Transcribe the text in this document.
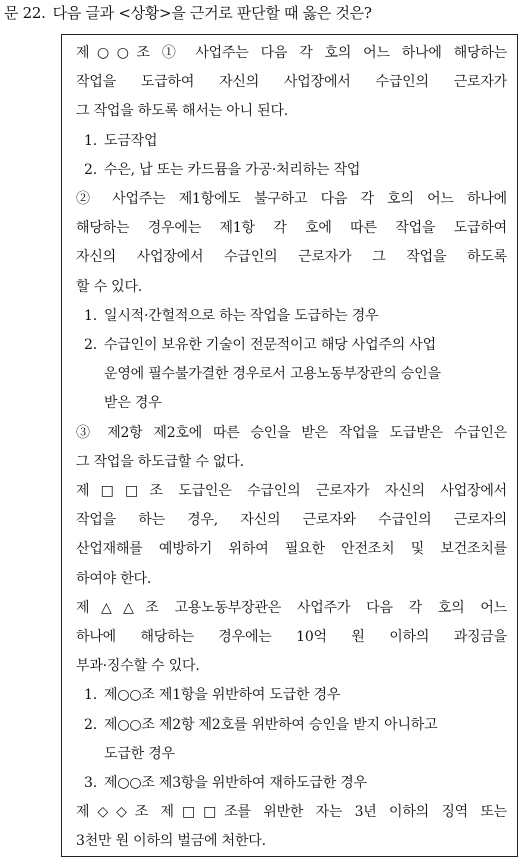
문 22. 다음 글과 <상황>을 근거로 판단할 때 옳은 것은?
제○○조 ① 사업주는 다음 각 호의 어느 하나에 해당하는
작업을 도급하여 자신의 사업장에서 수급인의 근로자가
그 작업을 하도록 해서는 아니 된다.
1. 도금작업
2. 수은, 납 또는 카드뮴을 가공·처리하는 작업
② 사업주는 제1항에도 불구하고 다음 각 호의 어느 하나에
해당하는 경우에는 제1항 각 호에 따른 작업을 도급하여
자신의 사업장에서 수급인의 근로자가 그 작업을 하도록
할 수 있다.
1. 일시적·간헐적으로 하는 작업을 도급하는 경우
2. 수급인이 보유한 기술이 전문적이고 해당 사업주의 사업
운영에 필수불가결한 경우로서 고용노동부장관의 승인을
받은 경우
③ 제2항 제2호에 따른 승인을 받은 작업을 도급받은 수급인은
그 작업을 하도급할 수 없다.
제□□조 도급인은 수급인의 근로자가 자신의 사업장에서
작업을 하는 경우, 자신의 근로자와 수급인의 근로자의
산업재해를 예방하기 위하여 필요한 안전조치 및 보건조치를
하여야 한다.
제△△조 고용노동부장관은 사업주가 다음 각 호의 어느
하나에 해당하는 경우에는 10억 원 이하의 과징금을
부과·징수할 수 있다.
1. 제○○조 제1항을 위반하여 도급한 경우
2. 제○○조 제2항 제2호를 위반하여 승인을 받지 아니하고
도급한 경우
3. 제○○조 제3항을 위반하여 재하도급한 경우
제◇◇조 제□□조를 위반한 자는 3년 이하의 징역 또는
3천만 원 이하의 벌금에 처한다.
